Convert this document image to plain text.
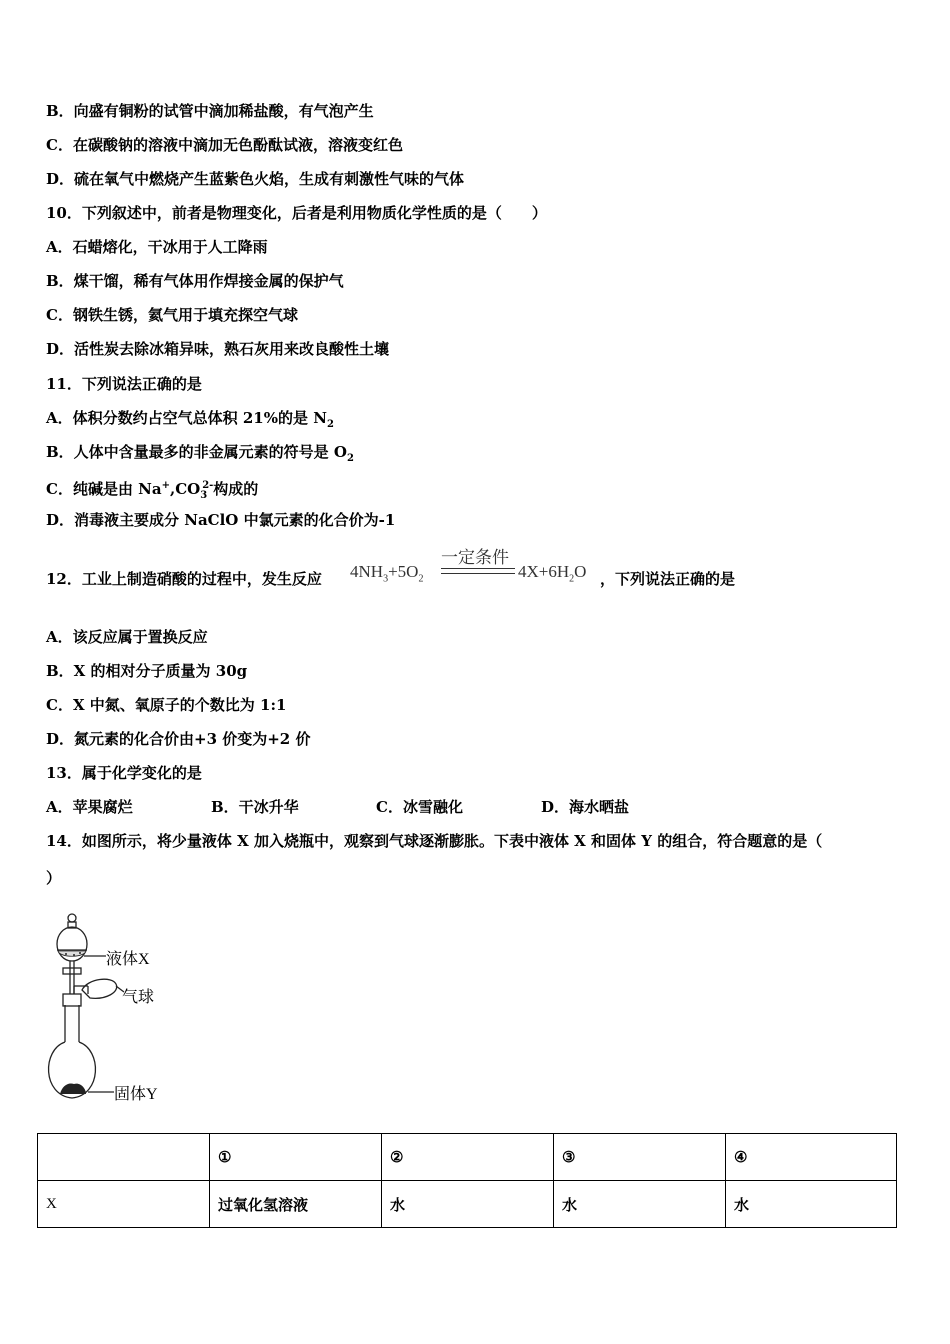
B．向盛有铜粉的试管中滴加稀盐酸，有气泡产生
C．在碳酸钠的溶液中滴加无色酚酞试液，溶液变红色
D．硫在氧气中燃烧产生蓝紫色火焰，生成有刺激性气味的气体
10．下列叙述中，前者是物理变化，后者是利用物质化学性质的是（　　）
A．石蜡熔化，干冰用于人工降雨
B．煤干馏，稀有气体用作焊接金属的保护气
C．钢铁生锈，氦气用于填充探空气球
D．活性炭去除冰箱异味，熟石灰用来改良酸性土壤
11．下列说法正确的是
A．体积分数约占空气总体积 21%的是 $N_2$
B．人体中含量最多的非金属元素的符号是 $O_2$
C．纯碱是由 $Na^+,CO_3^{2-}$构成的
D．消毒液主要成分 NaClO 中氯元素的化合价为-1
12．工业上制造硝酸的过程中，发生反应 $4NH_3+5O_2$
一定条件
$4X+6H_2O$ ，下列说法正确的是
A．该反应属于置换反应
B．X 的相对分子质量为 30g
C．X 中氮、氧原子的个数比为 1:1
D．氮元素的化合价由+3 价变为+2 价
13．属于化学变化的是
A．苹果腐烂	B．干冰升华	C．冰雪融化	D．海水晒盐
14．如图所示，将少量液体 X 加入烧瓶中，观察到气球逐渐膨胀。下表中液体 X 和固体 Y 的组合，符合题意的是（
）
液体X
气球
固体Y
	①	②	③	④
X	过氧化氢溶液	水	水	水
